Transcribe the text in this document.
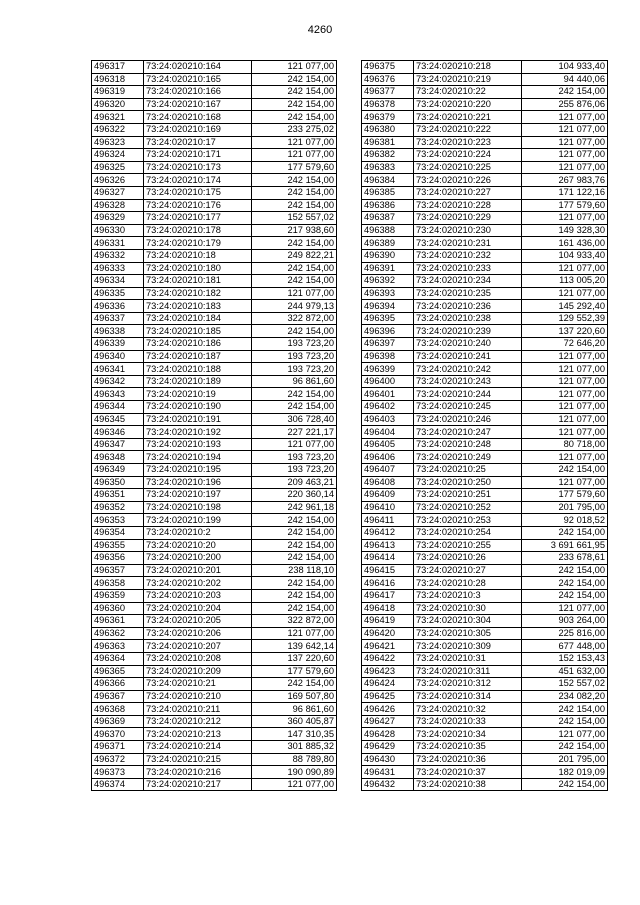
4260
496317	73:24:020210:164	121 077,00
496318	73:24:020210:165	242 154,00
496319	73:24:020210:166	242 154,00
496320	73:24:020210:167	242 154,00
496321	73:24:020210:168	242 154,00
496322	73:24:020210:169	233 275,02
496323	73:24:020210:17	121 077,00
496324	73:24:020210:171	121 077,00
496325	73:24:020210:173	177 579,60
496326	73:24:020210:174	242 154,00
496327	73:24:020210:175	242 154,00
496328	73:24:020210:176	242 154,00
496329	73:24:020210:177	152 557,02
496330	73:24:020210:178	217 938,60
496331	73:24:020210:179	242 154,00
496332	73:24:020210:18	249 822,21
496333	73:24:020210:180	242 154,00
496334	73:24:020210:181	242 154,00
496335	73:24:020210:182	121 077,00
496336	73:24:020210:183	244 979,13
496337	73:24:020210:184	322 872,00
496338	73:24:020210:185	242 154,00
496339	73:24:020210:186	193 723,20
496340	73:24:020210:187	193 723,20
496341	73:24:020210:188	193 723,20
496342	73:24:020210:189	96 861,60
496343	73:24:020210:19	242 154,00
496344	73:24:020210:190	242 154,00
496345	73:24:020210:191	306 728,40
496346	73:24:020210:192	227 221,17
496347	73:24:020210:193	121 077,00
496348	73:24:020210:194	193 723,20
496349	73:24:020210:195	193 723,20
496350	73:24:020210:196	209 463,21
496351	73:24:020210:197	220 360,14
496352	73:24:020210:198	242 961,18
496353	73:24:020210:199	242 154,00
496354	73:24:020210:2	242 154,00
496355	73:24:020210:20	242 154,00
496356	73:24:020210:200	242 154,00
496357	73:24:020210:201	238 118,10
496358	73:24:020210:202	242 154,00
496359	73:24:020210:203	242 154,00
496360	73:24:020210:204	242 154,00
496361	73:24:020210:205	322 872,00
496362	73:24:020210:206	121 077,00
496363	73:24:020210:207	139 642,14
496364	73:24:020210:208	137 220,60
496365	73:24:020210:209	177 579,60
496366	73:24:020210:21	242 154,00
496367	73:24:020210:210	169 507,80
496368	73:24:020210:211	96 861,60
496369	73:24:020210:212	360 405,87
496370	73:24:020210:213	147 310,35
496371	73:24:020210:214	301 885,32
496372	73:24:020210:215	88 789,80
496373	73:24:020210:216	190 090,89
496374	73:24:020210:217	121 077,00
496375	73:24:020210:218	104 933,40
496376	73:24:020210:219	94 440,06
496377	73:24:020210:22	242 154,00
496378	73:24:020210:220	255 876,06
496379	73:24:020210:221	121 077,00
496380	73:24:020210:222	121 077,00
496381	73:24:020210:223	121 077,00
496382	73:24:020210:224	121 077,00
496383	73:24:020210:225	121 077,00
496384	73:24:020210:226	267 983,76
496385	73:24:020210:227	171 122,16
496386	73:24:020210:228	177 579,60
496387	73:24:020210:229	121 077,00
496388	73:24:020210:230	149 328,30
496389	73:24:020210:231	161 436,00
496390	73:24:020210:232	104 933,40
496391	73:24:020210:233	121 077,00
496392	73:24:020210:234	113 005,20
496393	73:24:020210:235	121 077,00
496394	73:24:020210:236	145 292,40
496395	73:24:020210:238	129 552,39
496396	73:24:020210:239	137 220,60
496397	73:24:020210:240	72 646,20
496398	73:24:020210:241	121 077,00
496399	73:24:020210:242	121 077,00
496400	73:24:020210:243	121 077,00
496401	73:24:020210:244	121 077,00
496402	73:24:020210:245	121 077,00
496403	73:24:020210:246	121 077,00
496404	73:24:020210:247	121 077,00
496405	73:24:020210:248	80 718,00
496406	73:24:020210:249	121 077,00
496407	73:24:020210:25	242 154,00
496408	73:24:020210:250	121 077,00
496409	73:24:020210:251	177 579,60
496410	73:24:020210:252	201 795,00
496411	73:24:020210:253	92 018,52
496412	73:24:020210:254	242 154,00
496413	73:24:020210:255	3 691 661,95
496414	73:24:020210:26	233 678,61
496415	73:24:020210:27	242 154,00
496416	73:24:020210:28	242 154,00
496417	73:24:020210:3	242 154,00
496418	73:24:020210:30	121 077,00
496419	73:24:020210:304	903 264,00
496420	73:24:020210:305	225 816,00
496421	73:24:020210:309	677 448,00
496422	73:24:020210:31	152 153,43
496423	73:24:020210:311	451 632,00
496424	73:24:020210:312	152 557,02
496425	73:24:020210:314	234 082,20
496426	73:24:020210:32	242 154,00
496427	73:24:020210:33	242 154,00
496428	73:24:020210:34	121 077,00
496429	73:24:020210:35	242 154,00
496430	73:24:020210:36	201 795,00
496431	73:24:020210:37	182 019,09
496432	73:24:020210:38	242 154,00
